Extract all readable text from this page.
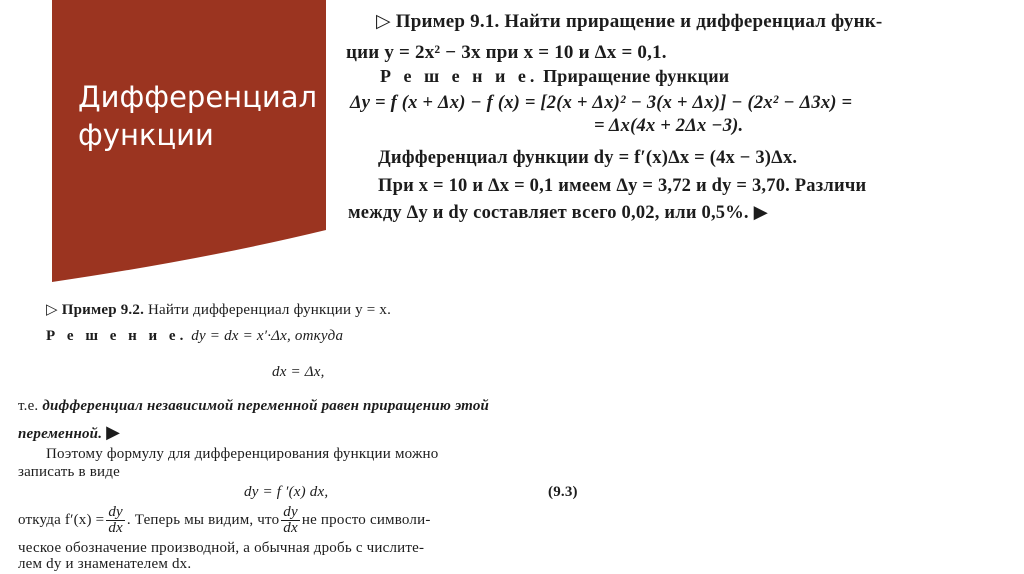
Дифференциал функции
▷ Пример 9.1. Найти приращение и дифференциал функ-
ции y = 2x² − 3x при x = 10 и Δx = 0,1.
Р е ш е н и е. Приращение функции
Δy = f (x + Δx) − f (x) = [2(x + Δx)² − 3(x + Δx)] − (2x² − Δ3x) =
= Δx(4x + 2Δx −3).
Дифференциал функции dy = f′(x)Δx = (4x − 3)Δx.
При x = 10 и Δx = 0,1 имеем Δy = 3,72 и dy = 3,70. Различи
между Δy и dy составляет всего 0,02, или 0,5%. ▶
▷ Пример 9.2. Найти дифференциал функции y = x.
Р е ш е н и е. dy = dx = x′·Δx, откуда
dx = Δx,
т.е. дифференциал независимой переменной равен приращению этой
переменной. ▶
Поэтому формулу для дифференцирования функции можно
записать в виде
dy = f ′(x) dx,	(9.3)
откуда $f'(x) = \frac{dy}{dx}$ . Теперь мы видим, что $\frac{dy}{dx}$ не просто символи-
ческое обозначение производной, а обычная дробь с числите-
лем dy и знаменателем dx.
